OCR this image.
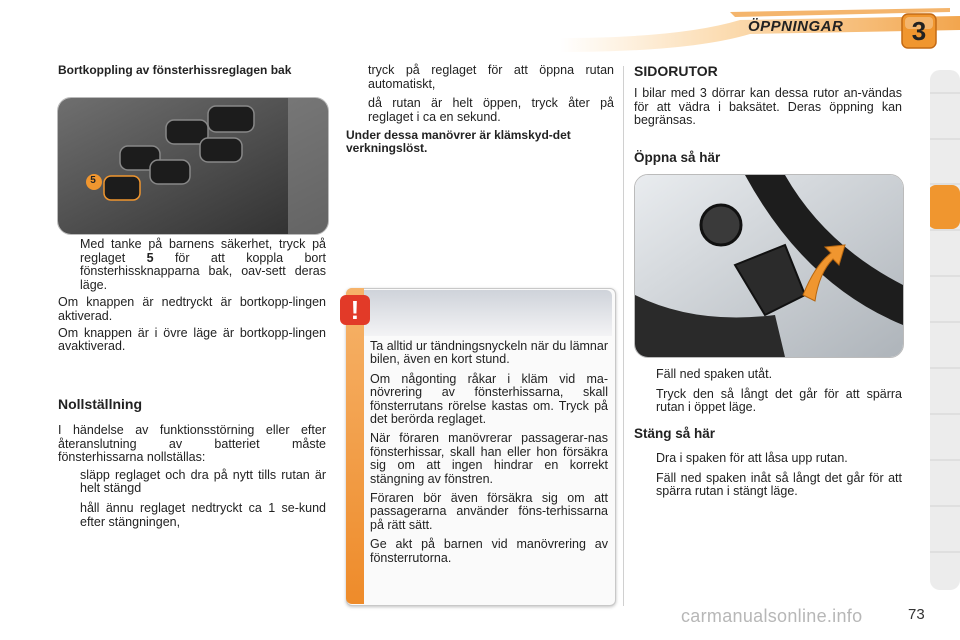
ÖPPNINGAR	3
Bortkoppling av fönsterhissreglagen bak
5
Med tanke på barnens säkerhet, tryck på reglaget 5 för att koppla bort fönsterhissknapparna bak, oav-sett deras läge.

Om knappen är nedtryckt är bortkopp-lingen aktiverad.

Om knappen är i övre läge är bortkopp-lingen avaktiverad.

Nollställning

I händelse av funktionsstörning eller efter återanslutning av batteriet måste fönsterhissarna nollställas:

släpp reglaget och dra på nytt tills rutan är helt stängd
håll ännu reglaget nedtryckt ca 1 se-kund efter stängningen,
tryck på reglaget för att öppna rutan automatiskt,
då rutan är helt öppen, tryck åter på reglaget i ca en sekund.

Under dessa manövrer är klämskyd-det verkningslöst.

!

Ta alltid ur tändningsnyckeln när du lämnar bilen, även en kort stund.

Om någonting råkar i kläm vid ma-növrering av fönsterhissarna, skall fönsterrutans rörelse kastas om. Tryck på det berörda reglaget.

När föraren manövrerar passagerar-nas fönsterhissar, skall han eller hon försäkra sig om att ingen hindrar en korrekt stängning av fönstren.

Föraren bör även försäkra sig om att passagerarna använder föns-terhissarna på rätt sätt.

Ge akt på barnen vid manövrering av fönsterrutorna.

SIDORUTOR

I bilar med 3 dörrar kan dessa rutor an-vändas för att vädra i baksätet. Deras öppning kan begränsas.

Öppna så här
Fäll ned spaken utåt.
Tryck den så långt det går för att spärra rutan i öppet läge.
Stäng så här
Dra i spaken för att låsa upp rutan.
Fäll ned spaken inåt så långt det går för att spärra rutan i stängt läge.
carmanualsonline.info	73
